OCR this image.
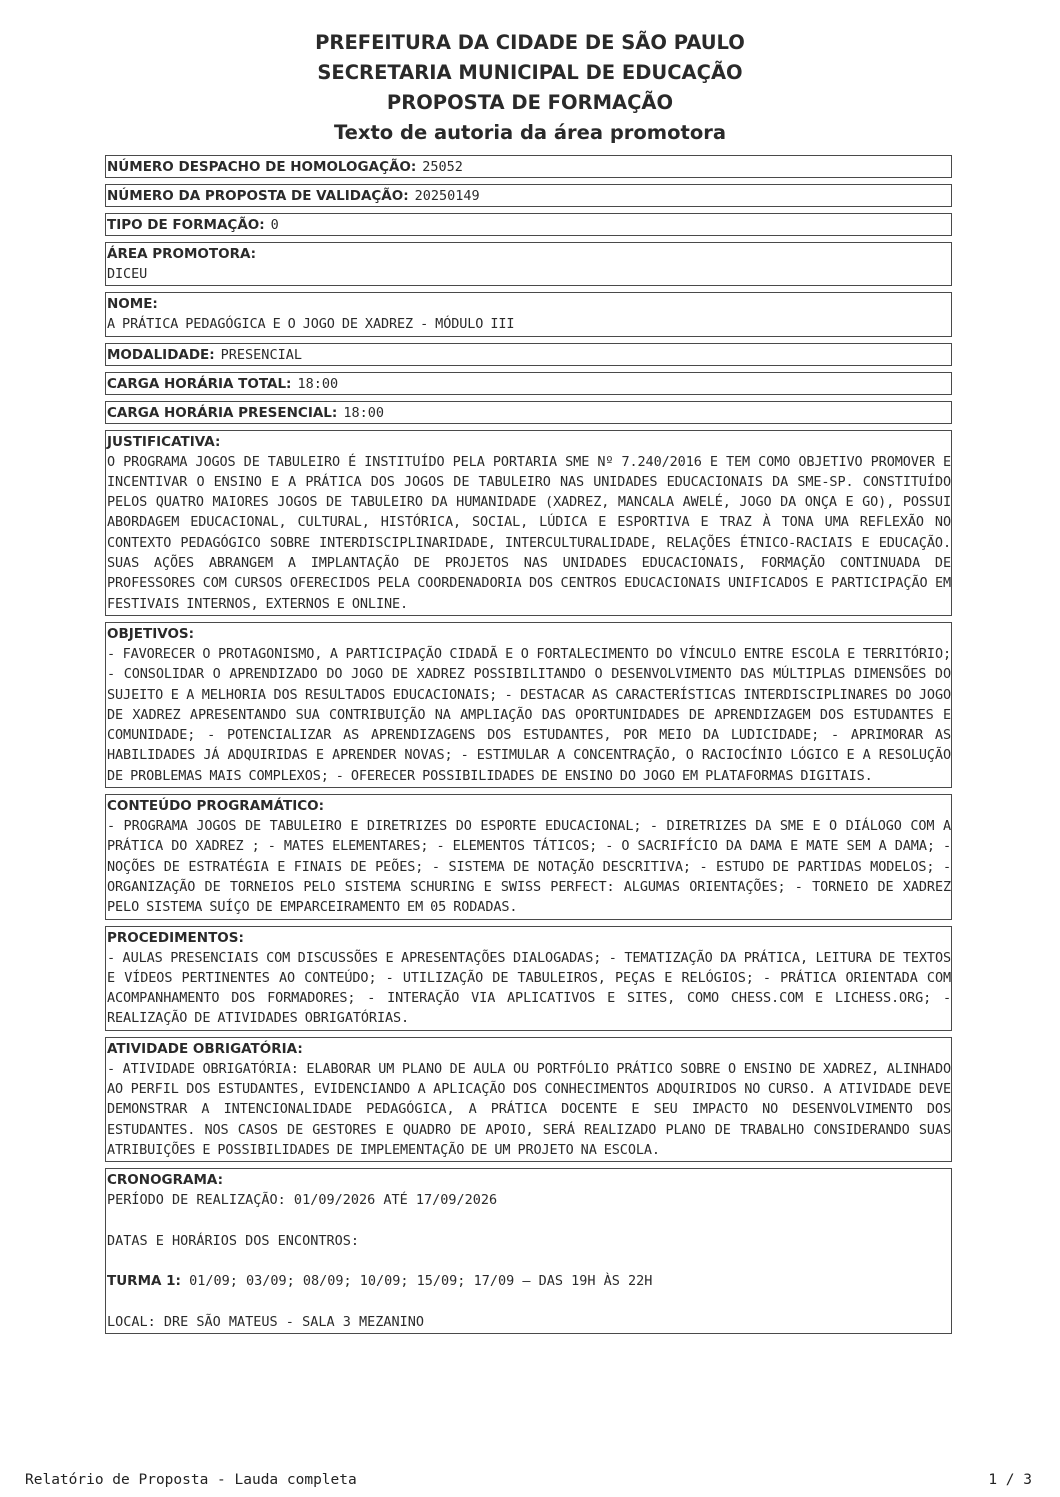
PREFEITURA DA CIDADE DE SÃO PAULO
SECRETARIA MUNICIPAL DE EDUCAÇÃO
PROPOSTA DE FORMAÇÃO
Texto de autoria da área promotora
NÚMERO DESPACHO DE HOMOLOGAÇÃO: 25052
NÚMERO DA PROPOSTA DE VALIDAÇÃO: 20250149
TIPO DE FORMAÇÃO: 0
ÁREA PROMOTORA:
DICEU
NOME:
A PRÁTICA PEDAGÓGICA E O JOGO DE XADREZ - MÓDULO III
MODALIDADE: PRESENCIAL
CARGA HORÁRIA TOTAL: 18:00
CARGA HORÁRIA PRESENCIAL: 18:00
JUSTIFICATIVA:
O PROGRAMA JOGOS DE TABULEIRO É INSTITUÍDO PELA PORTARIA SME Nº 7.240/2016 E TEM COMO OBJETIVO PROMOVER E INCENTIVAR O ENSINO E A PRÁTICA DOS JOGOS DE TABULEIRO NAS UNIDADES EDUCACIONAIS DA SME-SP. CONSTITUÍDO PELOS QUATRO MAIORES JOGOS DE TABULEIRO DA HUMANIDADE (XADREZ, MANCALA AWELÉ, JOGO DA ONÇA E GO), POSSUI ABORDAGEM EDUCACIONAL, CULTURAL, HISTÓRICA, SOCIAL, LÚDICA E ESPORTIVA E TRAZ À TONA UMA REFLEXÃO NO CONTEXTO PEDAGÓGICO SOBRE INTERDISCIPLINARIDADE, INTERCULTURALIDADE, RELAÇÕES ÉTNICO-RACIAIS E EDUCAÇÃO. SUAS AÇÕES ABRANGEM A IMPLANTAÇÃO DE PROJETOS NAS UNIDADES EDUCACIONAIS, FORMAÇÃO CONTINUADA DE PROFESSORES COM CURSOS OFERECIDOS PELA COORDENADORIA DOS CENTROS EDUCACIONAIS UNIFICADOS E PARTICIPAÇÃO EM FESTIVAIS INTERNOS, EXTERNOS E ONLINE.
OBJETIVOS:
- FAVORECER O PROTAGONISMO, A PARTICIPAÇÃO CIDADÃ E O FORTALECIMENTO DO VÍNCULO ENTRE ESCOLA E TERRITÓRIO; - CONSOLIDAR O APRENDIZADO DO JOGO DE XADREZ POSSIBILITANDO O DESENVOLVIMENTO DAS MÚLTIPLAS DIMENSÕES DO SUJEITO E A MELHORIA DOS RESULTADOS EDUCACIONAIS; - DESTACAR AS CARACTERÍSTICAS INTERDISCIPLINARES DO JOGO DE XADREZ APRESENTANDO SUA CONTRIBUIÇÃO NA AMPLIAÇÃO DAS OPORTUNIDADES DE APRENDIZAGEM DOS ESTUDANTES E COMUNIDADE; - POTENCIALIZAR AS APRENDIZAGENS DOS ESTUDANTES, POR MEIO DA LUDICIDADE; - APRIMORAR AS HABILIDADES JÁ ADQUIRIDAS E APRENDER NOVAS; - ESTIMULAR A CONCENTRAÇÃO, O RACIOCÍNIO LÓGICO E A RESOLUÇÃO DE PROBLEMAS MAIS COMPLEXOS; - OFERECER POSSIBILIDADES DE ENSINO DO JOGO EM PLATAFORMAS DIGITAIS.
CONTEÚDO PROGRAMÁTICO:
- PROGRAMA JOGOS DE TABULEIRO E DIRETRIZES DO ESPORTE EDUCACIONAL; - DIRETRIZES DA SME E O DIÁLOGO COM A PRÁTICA DO XADREZ ; - MATES ELEMENTARES; - ELEMENTOS TÁTICOS; - O SACRIFÍCIO DA DAMA E MATE SEM A DAMA; - NOÇÕES DE ESTRATÉGIA E FINAIS DE PEÕES; - SISTEMA DE NOTAÇÃO DESCRITIVA; - ESTUDO DE PARTIDAS MODELOS; - ORGANIZAÇÃO DE TORNEIOS PELO SISTEMA SCHURING E SWISS PERFECT: ALGUMAS ORIENTAÇÕES; - TORNEIO DE XADREZ PELO SISTEMA SUÍÇO DE EMPARCEIRAMENTO EM 05 RODADAS.
PROCEDIMENTOS:
- AULAS PRESENCIAIS COM DISCUSSÕES E APRESENTAÇÕES DIALOGADAS; - TEMATIZAÇÃO DA PRÁTICA, LEITURA DE TEXTOS E VÍDEOS PERTINENTES AO CONTEÚDO; - UTILIZAÇÃO DE TABULEIROS, PEÇAS E RELÓGIOS; - PRÁTICA ORIENTADA COM ACOMPANHAMENTO DOS FORMADORES; - INTERAÇÃO VIA APLICATIVOS E SITES, COMO CHESS.COM E LICHESS.ORG; - REALIZAÇÃO DE ATIVIDADES OBRIGATÓRIAS.
ATIVIDADE OBRIGATÓRIA:
- ATIVIDADE OBRIGATÓRIA: ELABORAR UM PLANO DE AULA OU PORTFÓLIO PRÁTICO SOBRE O ENSINO DE XADREZ, ALINHADO AO PERFIL DOS ESTUDANTES, EVIDENCIANDO A APLICAÇÃO DOS CONHECIMENTOS ADQUIRIDOS NO CURSO. A ATIVIDADE DEVE DEMONSTRAR A INTENCIONALIDADE PEDAGÓGICA, A PRÁTICA DOCENTE E SEU IMPACTO NO DESENVOLVIMENTO DOS ESTUDANTES. NOS CASOS DE GESTORES E QUADRO DE APOIO, SERÁ REALIZADO PLANO DE TRABALHO CONSIDERANDO SUAS ATRIBUIÇÕES E POSSIBILIDADES DE IMPLEMENTAÇÃO DE UM PROJETO NA ESCOLA.
CRONOGRAMA:
PERÍODO DE REALIZAÇÃO: 01/09/2026 ATÉ 17/09/2026
DATAS E HORÁRIOS DOS ENCONTROS:
TURMA 1: 01/09; 03/09; 08/09; 10/09; 15/09; 17/09 — DAS 19H ÀS 22H
LOCAL: DRE SÃO MATEUS - SALA 3 MEZANINO
Relatório de Proposta - Lauda completa	1 / 3
